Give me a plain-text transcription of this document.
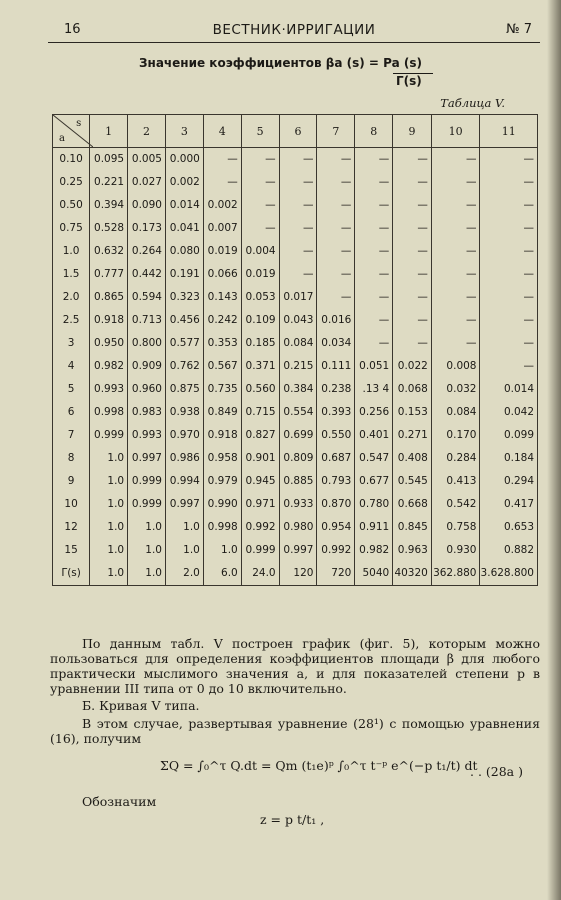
16	ВЕСТНИК·ИРРИГАЦИИ	№ 7
Значение коэффициентов βa (s) = Pa (s)
Γ(s)
Таблица V.
s
a	1	2	3	4	5	6	7	8	9	10	11

0.10	0.095	0.005	0.000	—	—	—	—	—	—	—	—
0.25	0.221	0.027	0.002	—	—	—	—	—	—	—	—
0.50	0.394	0.090	0.014	0.002	—	—	—	—	—	—	—
0.75	0.528	0.173	0.041	0.007	—	—	—	—	—	—	—
1.0	0.632	0.264	0.080	0.019	0.004	—	—	—	—	—	—
1.5	0.777	0.442	0.191	0.066	0.019	—	—	—	—	—	—
2.0	0.865	0.594	0.323	0.143	0.053	0.017	—	—	—	—	—
2.5	0.918	0.713	0.456	0.242	0.109	0.043	0.016	—	—	—	—
3	0.950	0.800	0.577	0.353	0.185	0.084	0.034	—	—	—	—
4	0.982	0.909	0.762	0.567	0.371	0.215	0.111	0.051	0.022	0.008	—
5	0.993	0.960	0.875	0.735	0.560	0.384	0.238	.13 4	0.068	0.032	0.014
6	0.998	0.983	0.938	0.849	0.715	0.554	0.393	0.256	0.153	0.084	0.042
7	0.999	0.993	0.970	0.918	0.827	0.699	0.550	0.401	0.271	0.170	0.099
8	1.0	0.997	0.986	0.958	0.901	0.809	0.687	0.547	0.408	0.284	0.184
9	1.0	0.999	0.994	0.979	0.945	0.885	0.793	0.677	0.545	0.413	0.294
10	1.0	0.999	0.997	0.990	0.971	0.933	0.870	0.780	0.668	0.542	0.417
12	1.0	1.0	1.0	0.998	0.992	0.980	0.954	0.911	0.845	0.758	0.653
15	1.0	1.0	1.0	1.0	0.999	0.997	0.992	0.982	0.963	0.930	0.882
Γ(s)	1.0	1.0	2.0	6.0	24.0	120	720	5040	40320	362.880	3.628.800
По данным табл. V построен график (фиг. 5), которым можно пользоваться для определения коэффициентов площади β для любого практически мыслимого значения а, и для показателей степени р в уравнении III типа от 0 до 10 включительно.
Б. Кривая V типа.
В этом случае, развертывая уравнение (28¹) с помощью уравнения (16), получим
ΣQ = ∫₀^τ Q.dt = Qm (t₁e)ᵖ ∫₀^τ t⁻ᵖ e^(−p t₁/t) dt
. . (28a )
Обозначим
z = p t/t₁ ,
